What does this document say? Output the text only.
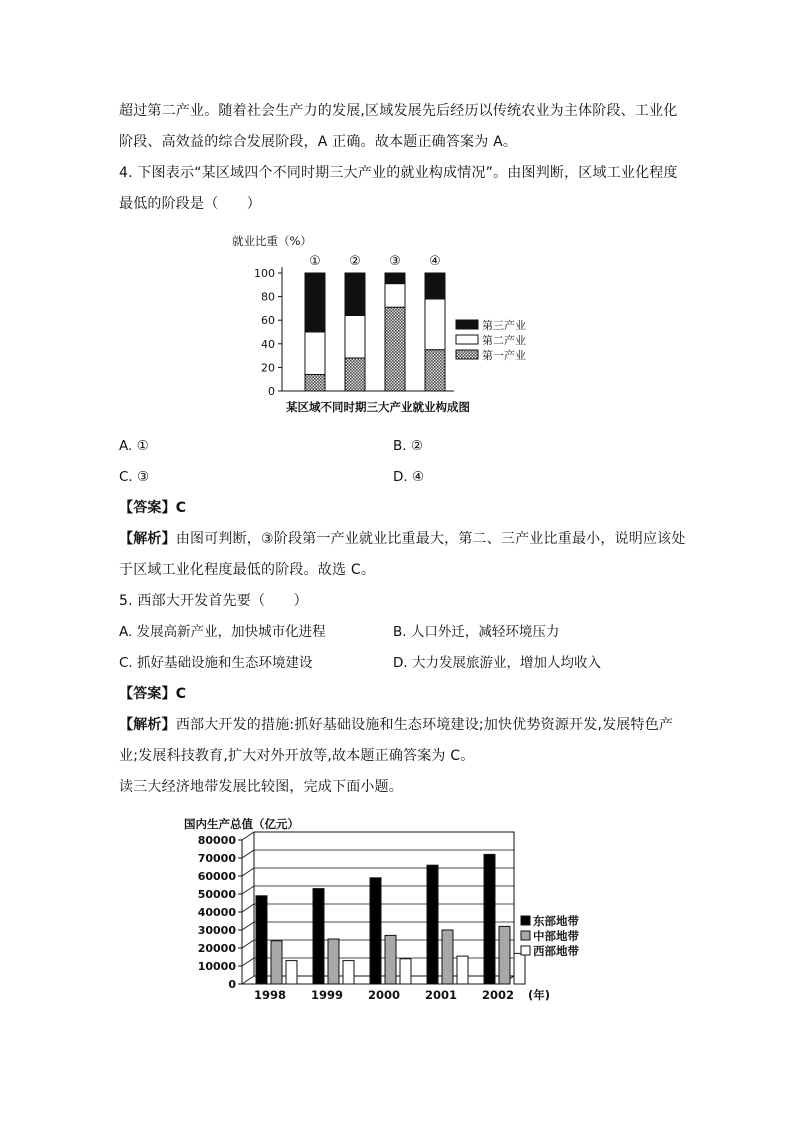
超过第二产业。随着社会生产力的发展,区域发展先后经历以传统农业为主体阶段、工业化
阶段、高效益的综合发展阶段，A 正确。故本题正确答案为 A。
4. 下图表示“某区域四个不同时期三大产业的就业构成情况”。由图判断，区域工业化程度
最低的阶段是（　　）
就业比重（%）
0
20
40
60
80
100
① ② ③ ④
第三产业
第二产业
第一产业
某区域不同时期三大产业就业构成图
A. ①	B. ②
C. ③	D. ④
【答案】C
【解析】由图可判断，③阶段第一产业就业比重最大，第二、三产业比重最小，说明应该处
于区域工业化程度最低的阶段。故选 C。
5. 西部大开发首先要（　　）
A. 发展高新产业，加快城市化进程	B. 人口外迁，减轻环境压力
C. 抓好基础设施和生态环境建设	D. 大力发展旅游业，增加人均收入
【答案】C
【解析】西部大开发的措施:抓好基础设施和生态环境建设;加快优势资源开发,发展特色产
业;发展科技教育,扩大对外开放等,故本题正确答案为 C。
读三大经济地带发展比较图，完成下面小题。
国内生产总值（亿元）
0
10000
20000
30000
40000
50000
60000
70000
80000
1998 1999 2000 2001 2002 (年)
东部地带
中部地带
西部地带
